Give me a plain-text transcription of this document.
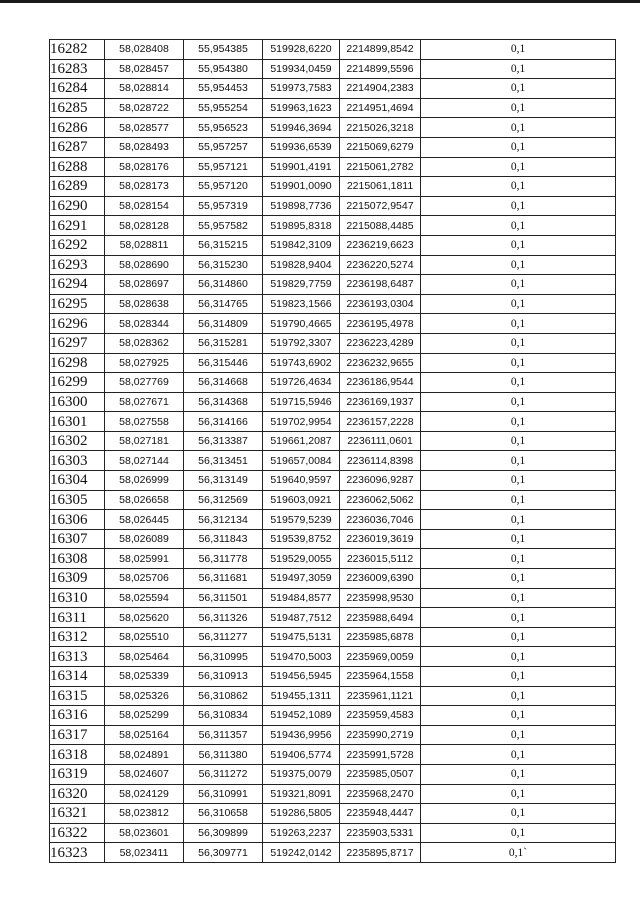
16282	58,028408	55,954385	519928,6220	2214899,8542	0,1
16283	58,028457	55,954380	519934,0459	2214899,5596	0,1
16284	58,028814	55,954453	519973,7583	2214904,2383	0,1
16285	58,028722	55,955254	519963,1623	2214951,4694	0,1
16286	58,028577	55,956523	519946,3694	2215026,3218	0,1
16287	58,028493	55,957257	519936,6539	2215069,6279	0,1
16288	58,028176	55,957121	519901,4191	2215061,2782	0,1
16289	58,028173	55,957120	519901,0090	2215061,1811	0,1
16290	58,028154	55,957319	519898,7736	2215072,9547	0,1
16291	58,028128	55,957582	519895,8318	2215088,4485	0,1
16292	58,028811	56,315215	519842,3109	2236219,6623	0,1
16293	58,028690	56,315230	519828,9404	2236220,5274	0,1
16294	58,028697	56,314860	519829,7759	2236198,6487	0,1
16295	58,028638	56,314765	519823,1566	2236193,0304	0,1
16296	58,028344	56,314809	519790,4665	2236195,4978	0,1
16297	58,028362	56,315281	519792,3307	2236223,4289	0,1
16298	58,027925	56,315446	519743,6902	2236232,9655	0,1
16299	58,027769	56,314668	519726,4634	2236186,9544	0,1
16300	58,027671	56,314368	519715,5946	2236169,1937	0,1
16301	58,027558	56,314166	519702,9954	2236157,2228	0,1
16302	58,027181	56,313387	519661,2087	2236111,0601	0,1
16303	58,027144	56,313451	519657,0084	2236114,8398	0,1
16304	58,026999	56,313149	519640,9597	2236096,9287	0,1
16305	58,026658	56,312569	519603,0921	2236062,5062	0,1
16306	58,026445	56,312134	519579,5239	2236036,7046	0,1
16307	58,026089	56,311843	519539,8752	2236019,3619	0,1
16308	58,025991	56,311778	519529,0055	2236015,5112	0,1
16309	58,025706	56,311681	519497,3059	2236009,6390	0,1
16310	58,025594	56,311501	519484,8577	2235998,9530	0,1
16311	58,025620	56,311326	519487,7512	2235988,6494	0,1
16312	58,025510	56,311277	519475,5131	2235985,6878	0,1
16313	58,025464	56,310995	519470,5003	2235969,0059	0,1
16314	58,025339	56,310913	519456,5945	2235964,1558	0,1
16315	58,025326	56,310862	519455,1311	2235961,1121	0,1
16316	58,025299	56,310834	519452,1089	2235959,4583	0,1
16317	58,025164	56,311357	519436,9956	2235990,2719	0,1
16318	58,024891	56,311380	519406,5774	2235991,5728	0,1
16319	58,024607	56,311272	519375,0079	2235985,0507	0,1
16320	58,024129	56,310991	519321,8091	2235968,2470	0,1
16321	58,023812	56,310658	519286,5805	2235948,4447	0,1
16322	58,023601	56,309899	519263,2237	2235903,5331	0,1
16323	58,023411	56,309771	519242,0142	2235895,8717	0,1`
